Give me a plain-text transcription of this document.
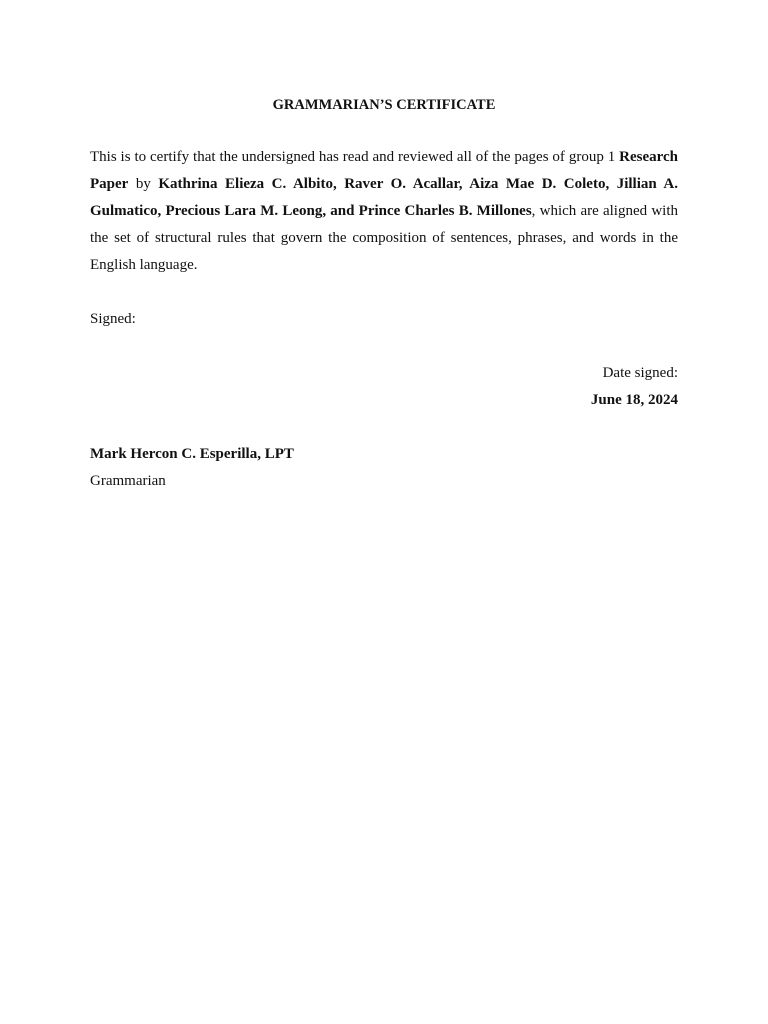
GRAMMARIAN’S CERTIFICATE

This is to certify that the undersigned has read and reviewed all of the pages of group 1 Research Paper by Kathrina Elieza C. Albito, Raver O. Acallar, Aiza Mae D. Coleto, Jillian A. Gulmatico, Precious Lara M. Leong, and Prince Charles B. Millones, which are aligned with the set of structural rules that govern the composition of sentences, phrases, and words in the English language.

Signed:
Date signed:
June 18, 2024
Mark Hercon C. Esperilla, LPT
Grammarian
